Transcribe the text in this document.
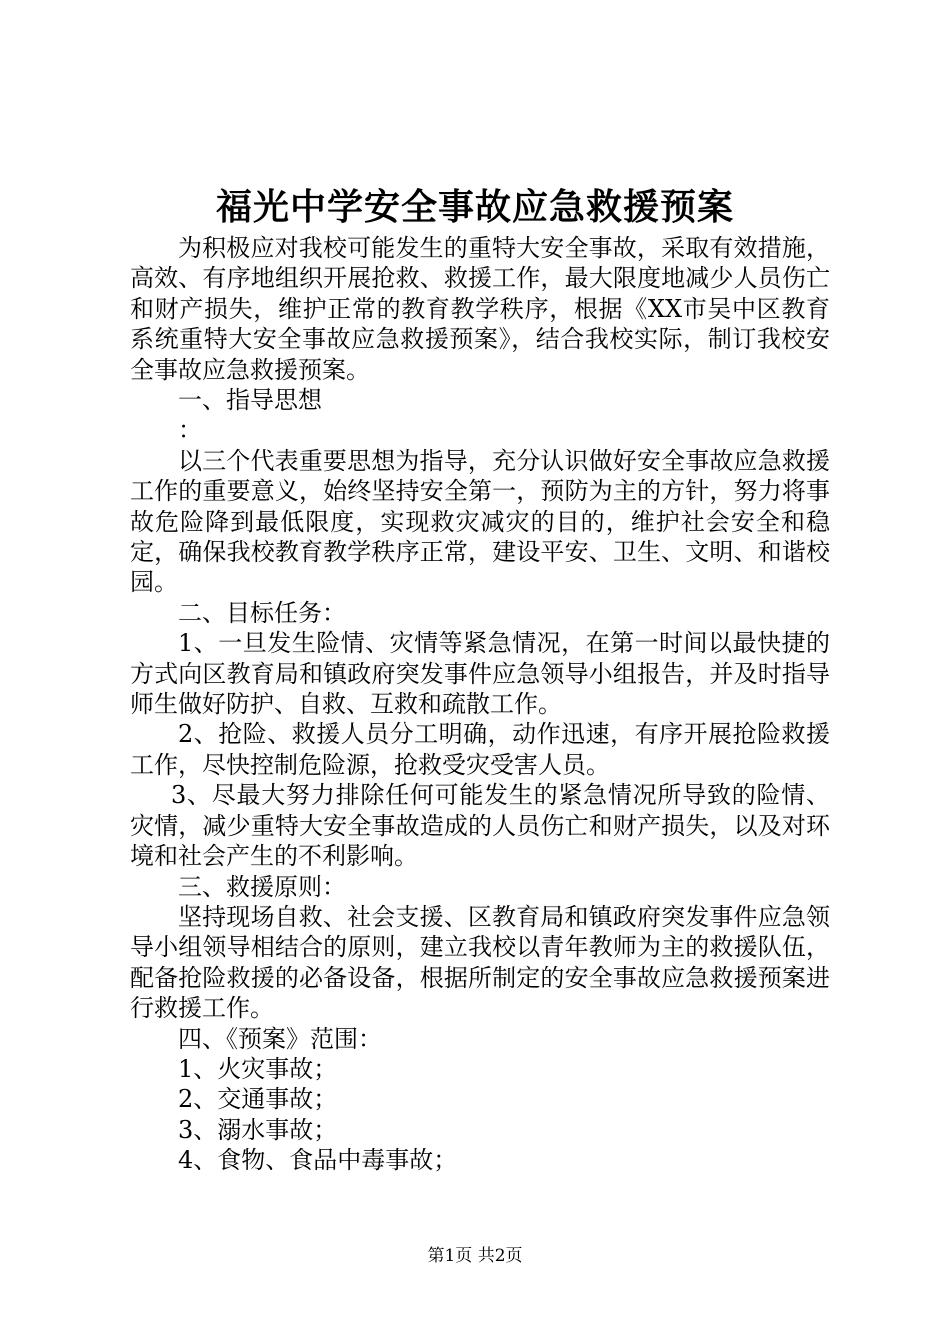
福光中学安全事故应急救援预案

为积极应对我校可能发生的重特大安全事故，采取有效措施，高效、有序地组织开展抢救、救援工作，最大限度地减少人员伤亡和财产损失，维护正常的教育教学秩序，根据《XX市吴中区教育系统重特大安全事故应急救援预案》，结合我校实际，制订我校安全事故应急救援预案。

一、指导思想

：

以三个代表重要思想为指导，充分认识做好安全事故应急救援工作的重要意义，始终坚持安全第一，预防为主的方针，努力将事故危险降到最低限度，实现救灾减灾的目的，维护社会安全和稳定，确保我校教育教学秩序正常，建设平安、卫生、文明、和谐校园。

二、目标任务：

1、一旦发生险情、灾情等紧急情况，在第一时间以最快捷的方式向区教育局和镇政府突发事件应急领导小组报告，并及时指导师生做好防护、自救、互救和疏散工作。

2、抢险、救援人员分工明确，动作迅速，有序开展抢险救援工作，尽快控制危险源，抢救受灾受害人员。

3、尽最大努力排除任何可能发生的紧急情况所导致的险情、灾情，减少重特大安全事故造成的人员伤亡和财产损失，以及对环境和社会产生的不利影响。

三、救援原则：

坚持现场自救、社会支援、区教育局和镇政府突发事件应急领导小组领导相结合的原则，建立我校以青年教师为主的救援队伍，配备抢险救援的必备设备，根据所制定的安全事故应急救援预案进行救援工作。

四、《预案》范围：

1、火灾事故；

2、交通事故；

3、溺水事故；

4、食物、食品中毒事故；

第1页 共2页
